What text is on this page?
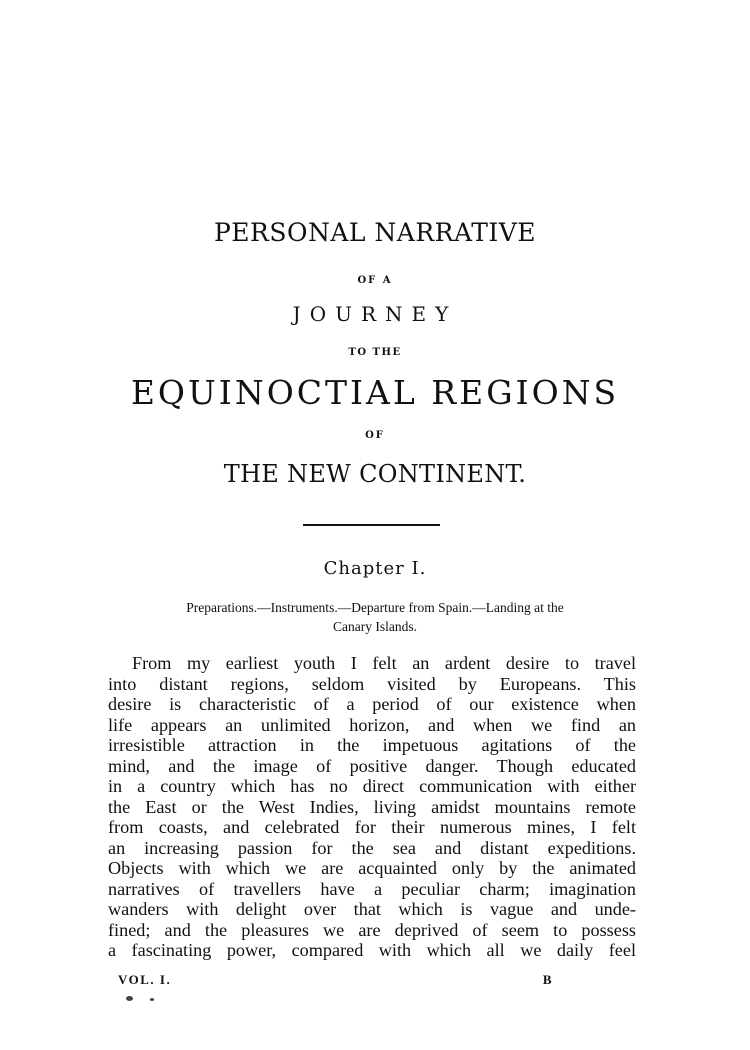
PERSONAL NARRATIVE
OF A
JOURNEY
TO THE
EQUINOCTIAL REGIONS
OF
THE NEW CONTINENT.
Chapter I.
Preparations.—Instruments.—Departure from Spain.—Landing at the
Canary Islands.
From my earliest youth I felt an ardent desire to travel
into distant regions, seldom visited by Europeans. This
desire is characteristic of a period of our existence when
life appears an unlimited horizon, and when we find an
irresistible attraction in the impetuous agitations of the
mind, and the image of positive danger. Though educated
in a country which has no direct communication with either
the East or the West Indies, living amidst mountains remote
from coasts, and celebrated for their numerous mines, I felt
an increasing passion for the sea and distant expeditions.
Objects with which we are acquainted only by the animated
narratives of travellers have a peculiar charm; imagination
wanders with delight over that which is vague and unde-
fined; and the pleasures we are deprived of seem to possess
a fascinating power, compared with which all we daily feel
VOL. I.	B
